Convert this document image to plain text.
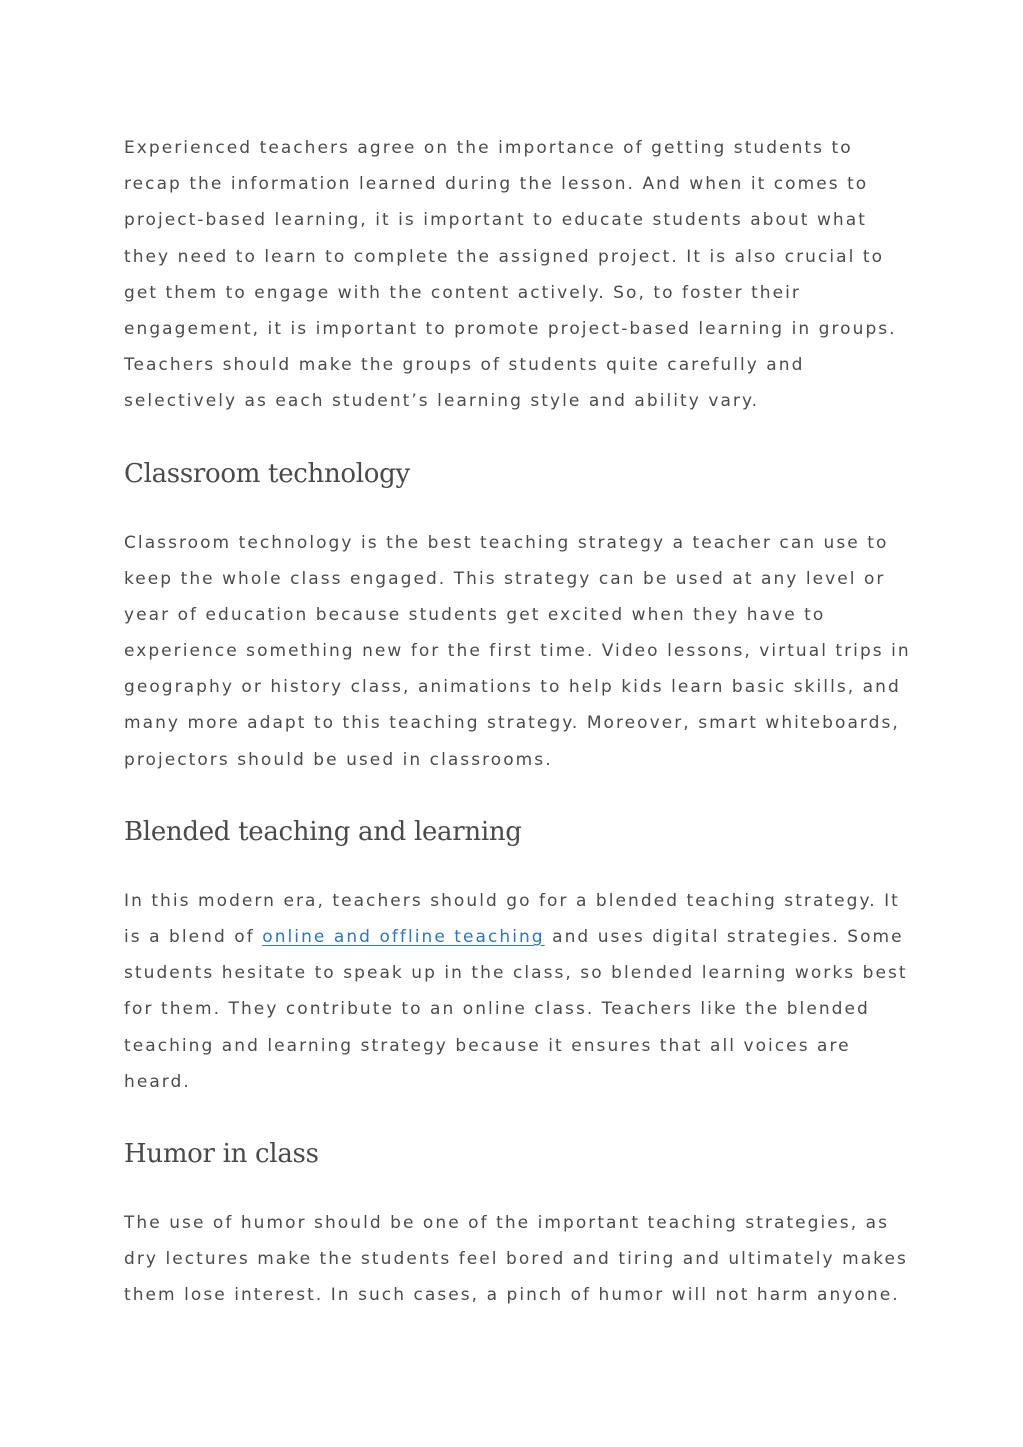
Experienced teachers agree on the importance of getting students to
recap the information learned during the lesson. And when it comes to
project-based learning, it is important to educate students about what
they need to learn to complete the assigned project. It is also crucial to
get them to engage with the content actively. So, to foster their
engagement, it is important to promote project-based learning in groups.
Teachers should make the groups of students quite carefully and
selectively as each student’s learning style and ability vary.

Classroom technology

Classroom technology is the best teaching strategy a teacher can use to
keep the whole class engaged. This strategy can be used at any level or
year of education because students get excited when they have to
experience something new for the first time. Video lessons, virtual trips in
geography or history class, animations to help kids learn basic skills, and
many more adapt to this teaching strategy. Moreover, smart whiteboards,
projectors should be used in classrooms.

Blended teaching and learning

In this modern era, teachers should go for a blended teaching strategy. It
is a blend of online and offline teaching and uses digital strategies. Some
students hesitate to speak up in the class, so blended learning works best
for them. They contribute to an online class. Teachers like the blended
teaching and learning strategy because it ensures that all voices are
heard.

Humor in class

The use of humor should be one of the important teaching strategies, as
dry lectures make the students feel bored and tiring and ultimately makes
them lose interest. In such cases, a pinch of humor will not harm anyone.
